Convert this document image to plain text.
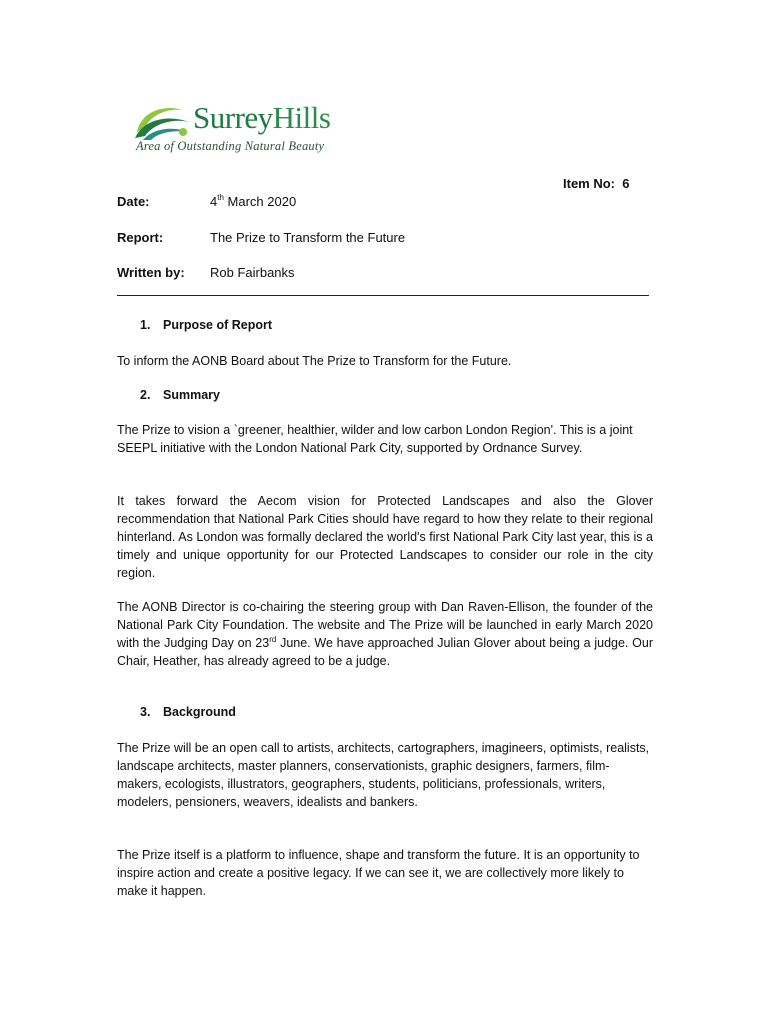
SurreyHills
Area of Outstanding Natural Beauty
Item No: 6
Date:	4th March 2020
Report:	The Prize to Transform the Future
Written by: Rob Fairbanks
1. Purpose of Report

To inform the AONB Board about The Prize to Transform for the Future.

2. Summary

The Prize to vision a `greener, healthier, wilder and low carbon London Region'. This is a joint SEEPL initiative with the London National Park City, supported by Ordnance Survey.

It takes forward the Aecom vision for Protected Landscapes and also the Glover recommendation that National Park Cities should have regard to how they relate to their regional hinterland. As London was formally declared the world's first National Park City last year, this is a timely and unique opportunity for our Protected Landscapes to consider our role in the city region.

The AONB Director is co-chairing the steering group with Dan Raven-Ellison, the founder of the National Park City Foundation. The website and The Prize will be launched in early March 2020 with the Judging Day on 23rd June. We have approached Julian Glover about being a judge. Our Chair, Heather, has already agreed to be a judge.

3. Background

The Prize will be an open call to artists, architects, cartographers, imagineers, optimists, realists, landscape architects, master planners, conservationists, graphic designers, farmers, film-makers, ecologists, illustrators, geographers, students, politicians, professionals, writers, modelers, pensioners, weavers, idealists and bankers.

The Prize itself is a platform to influence, shape and transform the future. It is an opportunity to inspire action and create a positive legacy. If we can see it, we are collectively more likely to make it happen.
